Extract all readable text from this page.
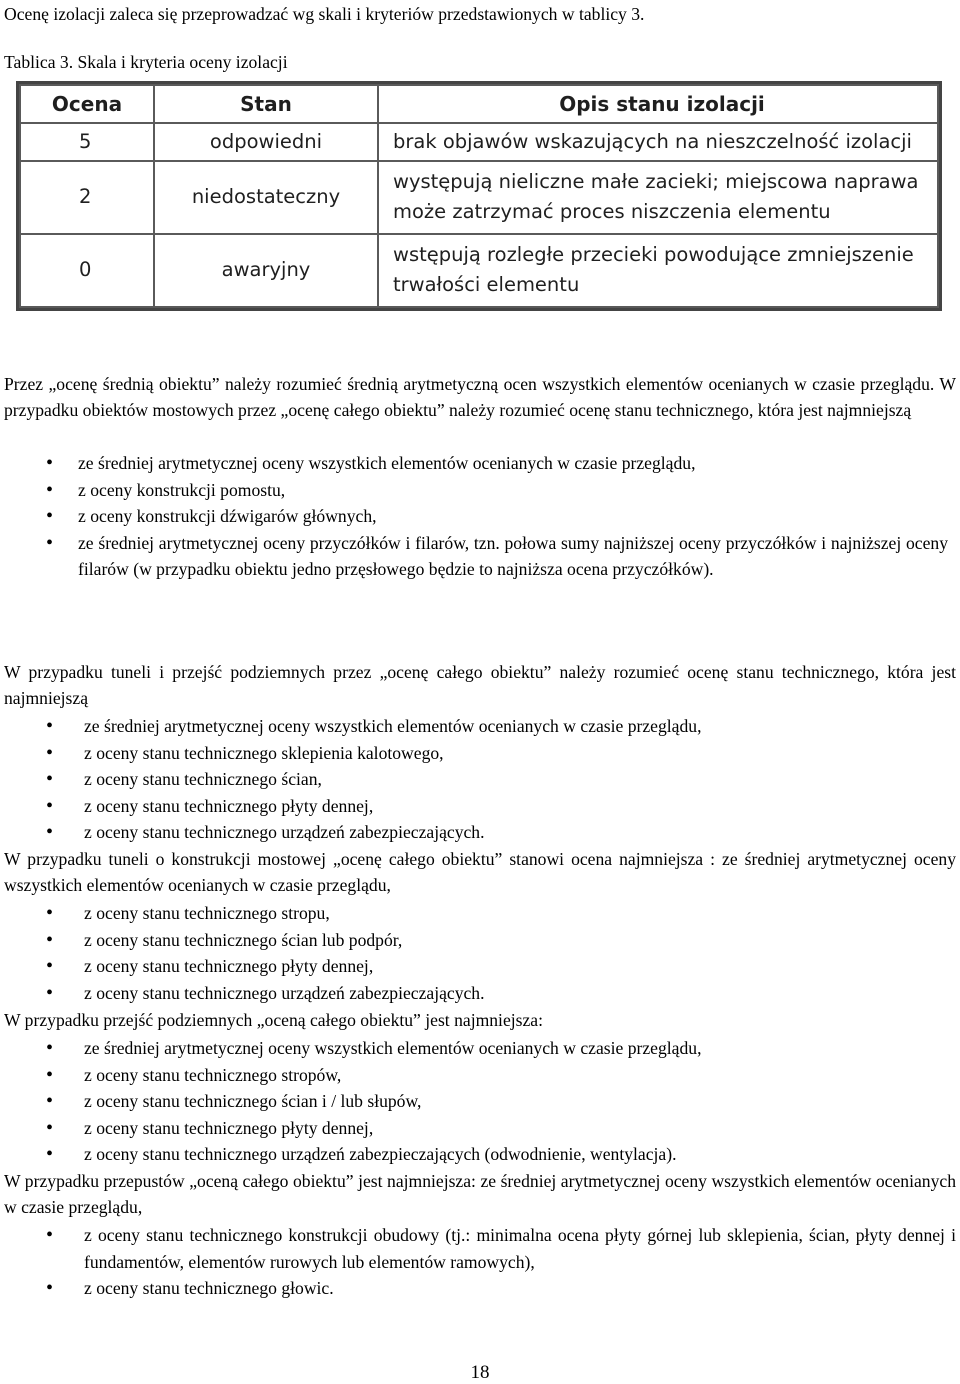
Ocenę izolacji zaleca się przeprowadzać wg skali i kryteriów przedstawionych w tablicy 3.

Tablica 3. Skala i kryteria oceny izolacji

Ocena	Stan	Opis stanu izolacji
5	odpowiedni	brak objawów wskazujących na nieszczelność izolacji
2	niedostateczny	występują nieliczne małe zacieki; miejscowa naprawa może zatrzymać proces niszczenia elementu
0	awaryjny	wstępują rozległe przecieki powodujące zmniejszenie trwałości elementu

Przez „ocenę średnią obiektu” należy rozumieć średnią arytmetyczną ocen wszystkich elementów ocenianych w czasie przeglądu. W przypadku obiektów mostowych przez „ocenę całego obiektu” należy rozumieć ocenę stanu technicznego, która jest najmniejszą

• ze średniej arytmetycznej oceny wszystkich elementów ocenianych w czasie przeglądu,
• z oceny konstrukcji pomostu,
• z oceny konstrukcji dźwigarów głównych,
• ze średniej arytmetycznej oceny przyczółków i filarów, tzn. połowa sumy najniższej oceny przyczółków i najniższej oceny filarów (w przypadku obiektu jedno przęsłowego będzie to najniższa ocena przyczółków).

W przypadku tuneli i przejść podziemnych przez „ocenę całego obiektu” należy rozumieć ocenę stanu technicznego, która jest najmniejszą

• ze średniej arytmetycznej oceny wszystkich elementów ocenianych w czasie przeglądu,
• z oceny stanu technicznego sklepienia kalotowego,
• z oceny stanu technicznego ścian,
• z oceny stanu technicznego płyty dennej,
• z oceny stanu technicznego urządzeń zabezpieczających.

W przypadku tuneli o konstrukcji mostowej „ocenę całego obiektu” stanowi ocena najmniejsza : ze średniej arytmetycznej oceny wszystkich elementów ocenianych w czasie przeglądu,

• z oceny stanu technicznego stropu,
• z oceny stanu technicznego ścian lub podpór,
• z oceny stanu technicznego płyty dennej,
• z oceny stanu technicznego urządzeń zabezpieczających.

W przypadku przejść podziemnych „oceną całego obiektu” jest najmniejsza:

• ze średniej arytmetycznej oceny wszystkich elementów ocenianych w czasie przeglądu,
• z oceny stanu technicznego stropów,
• z oceny stanu technicznego ścian i / lub słupów,
• z oceny stanu technicznego płyty dennej,
• z oceny stanu technicznego urządzeń zabezpieczających (odwodnienie, wentylacja).

W przypadku przepustów „oceną całego obiektu” jest najmniejsza: ze średniej arytmetycznej oceny wszystkich elementów ocenianych w czasie przeglądu,

• z oceny stanu technicznego konstrukcji obudowy (tj.: minimalna ocena płyty górnej lub sklepienia, ścian, płyty dennej i fundamentów, elementów rurowych lub elementów ramowych),
• z oceny stanu technicznego głowic.
18
